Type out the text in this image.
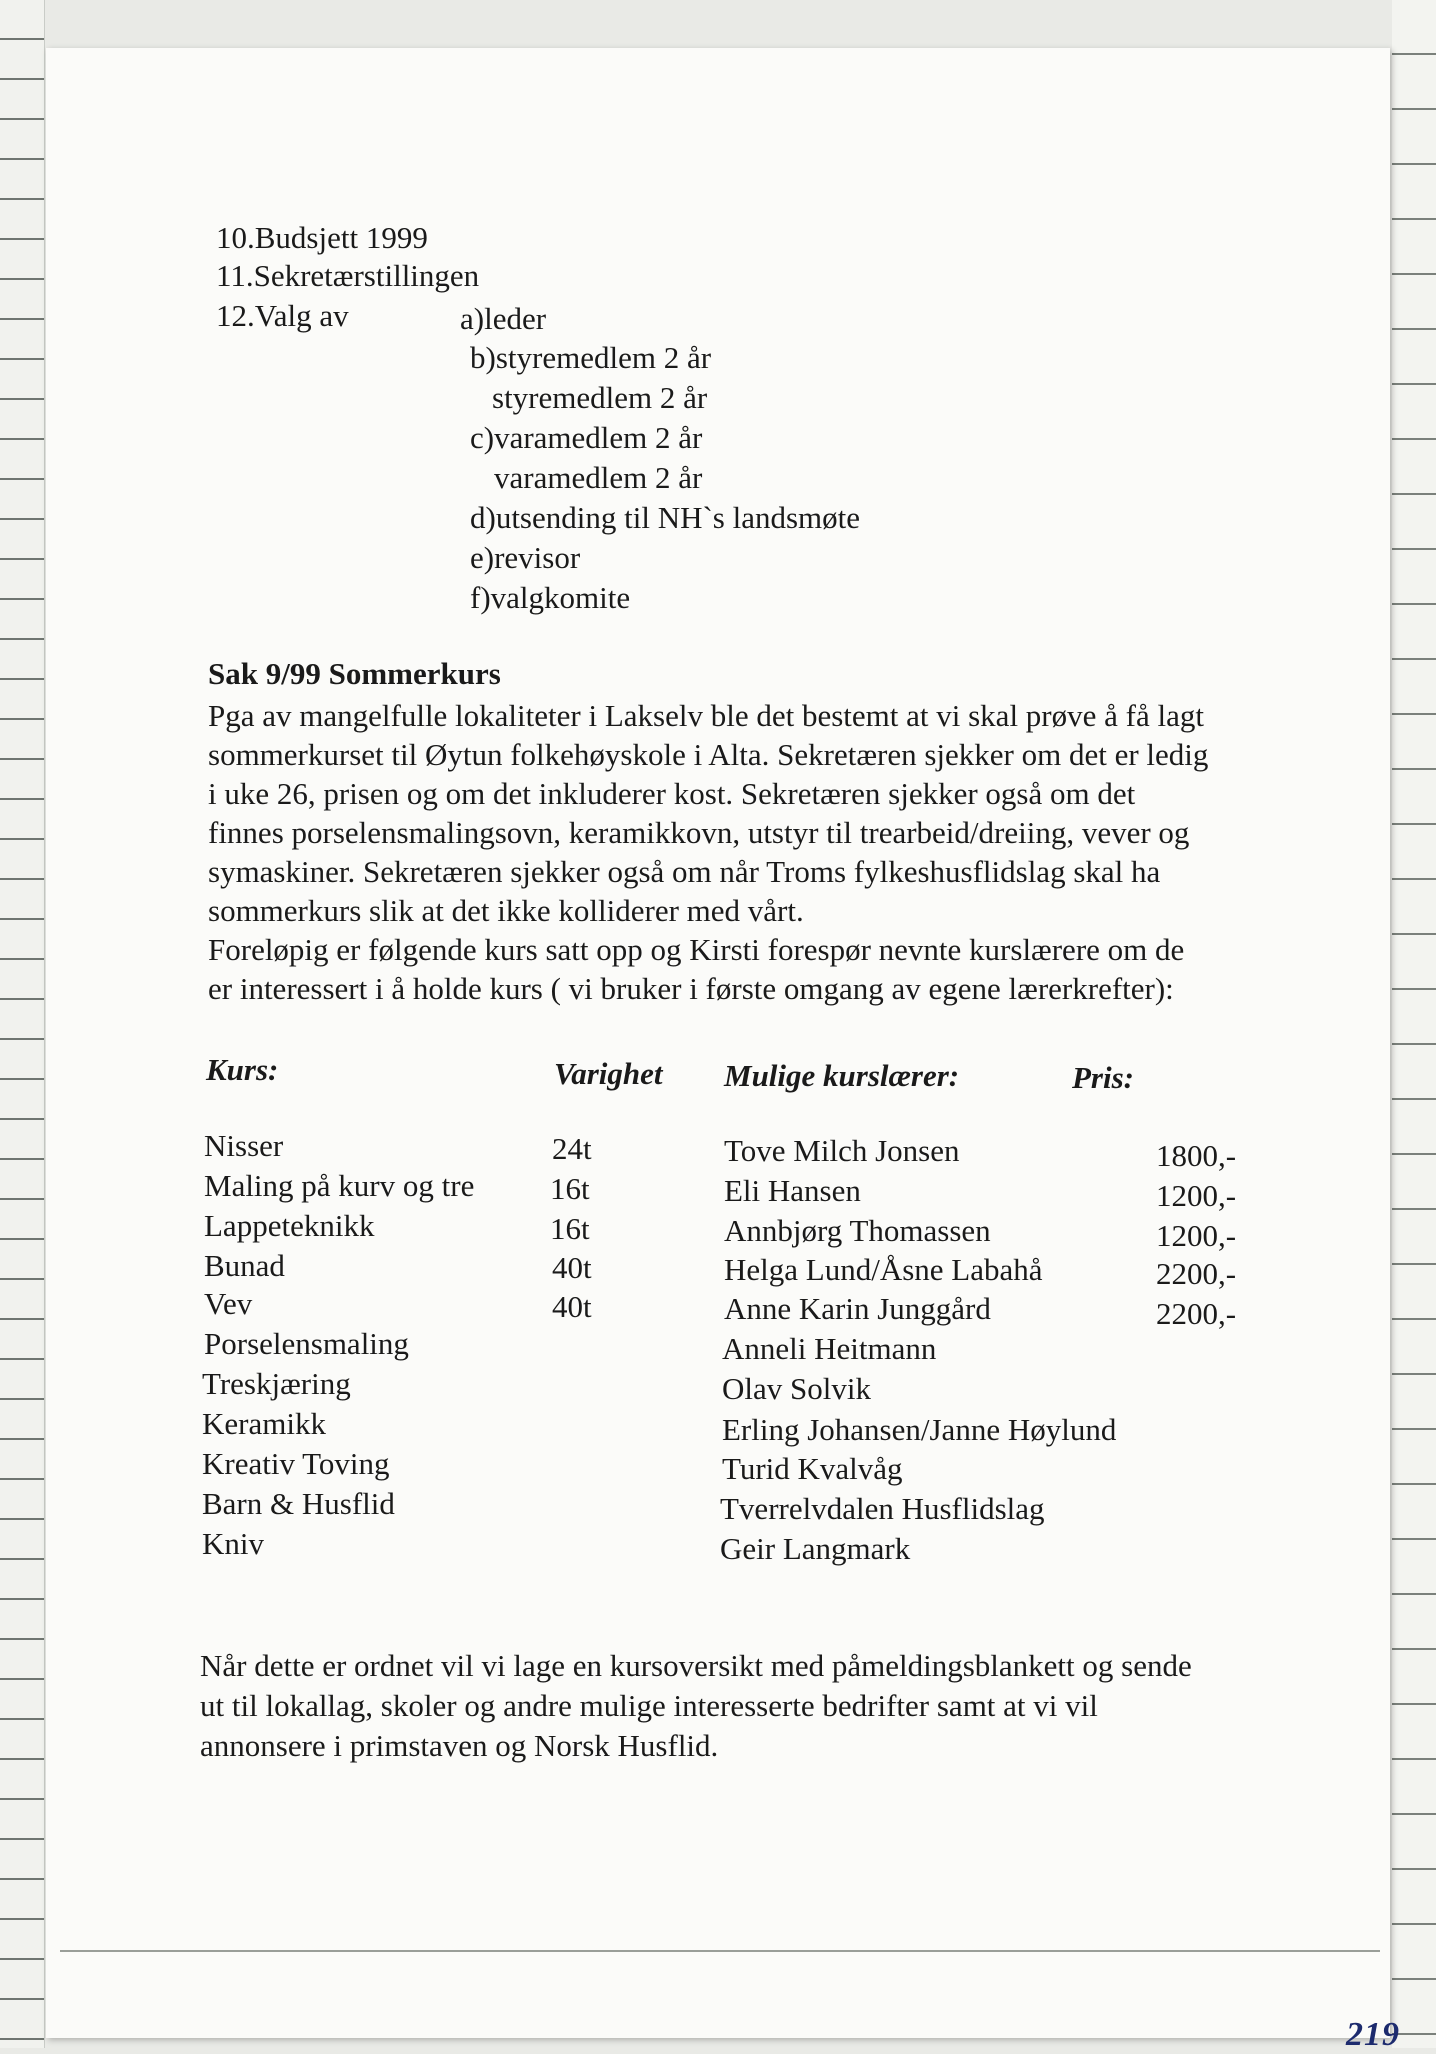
10.Budsjett 1999
11.Sekretærstillingen
12.Valg av	a)leder
b)styremedlem 2 år
styremedlem 2 år
c)varamedlem 2 år
varamedlem 2 år
d)utsending til NH`s landsmøte
e)revisor
f)valgkomite
Sak 9/99 Sommerkurs
Pga av mangelfulle lokaliteter i Lakselv ble det bestemt at vi skal prøve å få lagt
sommerkurset til Øytun folkehøyskole i Alta. Sekretæren sjekker om det er ledig
i uke 26, prisen og om det inkluderer kost. Sekretæren sjekker også om det
finnes porselensmalingsovn, keramikkovn, utstyr til trearbeid/dreiing, vever og
symaskiner. Sekretæren sjekker også om når Troms fylkeshusflidslag skal ha
sommerkurs slik at det ikke kolliderer med vårt.
Foreløpig er følgende kurs satt opp og Kirsti forespør nevnte kurslærere om de
er interessert i å holde kurs ( vi bruker i første omgang av egene lærerkrefter):
Kurs:	Varighet Mulige kurslærer:	Pris:
Nisser	24t	Tove Milch Jonsen	1800,-
Maling på kurv og tre 16t	Eli Hansen	1200,-
Lappeteknikk	16t	Annbjørg Thomassen	1200,-
Bunad	40t	Helga Lund/Åsne Labahå	2200,-
Vev	40t	Anne Karin Junggård	2200,-
Porselensmaling	Anneli Heitmann
Treskjæring	Olav Solvik
Keramikk	Erling Johansen/Janne Høylund
Kreativ Toving	Turid Kvalvåg
Barn & Husflid	Tverrelvdalen Husflidslag
Kniv	Geir Langmark
Når dette er ordnet vil vi lage en kursoversikt med påmeldingsblankett og sende
ut til lokallag, skoler og andre mulige interesserte bedrifter samt at vi vil
annonsere i primstaven og Norsk Husflid.
219
